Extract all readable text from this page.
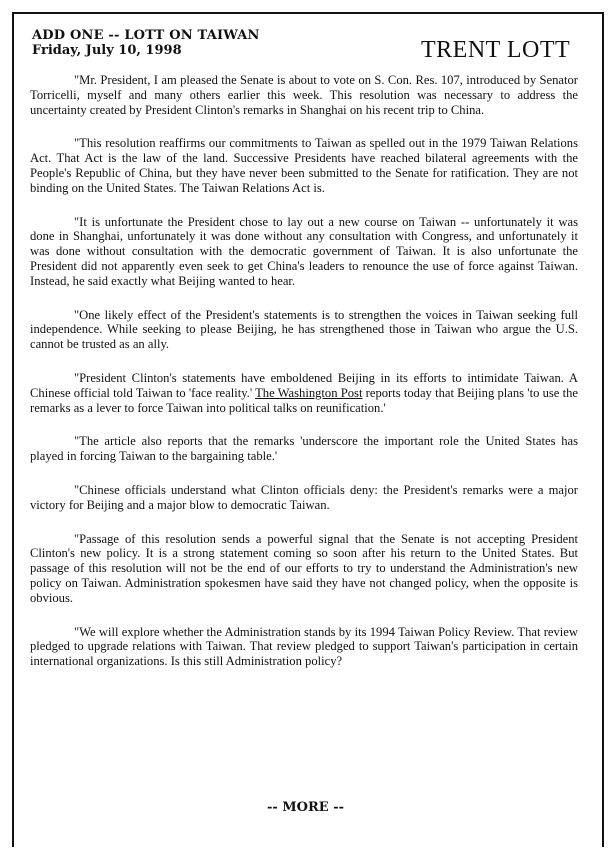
ADD ONE -- LOTT ON TAIWAN
Friday, July 10, 1998	TRENT LOTT

"Mr. President, I am pleased the Senate is about to vote on S. Con. Res. 107, introduced by Senator Torricelli, myself and many others earlier this week. This resolution was necessary to address the uncertainty created by President Clinton's remarks in Shanghai on his recent trip to China.

"This resolution reaffirms our commitments to Taiwan as spelled out in the 1979 Taiwan Relations Act. That Act is the law of the land. Successive Presidents have reached bilateral agreements with the People's Republic of China, but they have never been submitted to the Senate for ratification. They are not binding on the United States. The Taiwan Relations Act is.

"It is unfortunate the President chose to lay out a new course on Taiwan -- unfortunately it was done in Shanghai, unfortunately it was done without any consultation with Congress, and unfortunately it was done without consultation with the democratic government of Taiwan. It is also unfortunate the President did not apparently even seek to get China's leaders to renounce the use of force against Taiwan. Instead, he said exactly what Beijing wanted to hear.

"One likely effect of the President's statements is to strengthen the voices in Taiwan seeking full independence. While seeking to please Beijing, he has strengthened those in Taiwan who argue the U.S. cannot be trusted as an ally.

"President Clinton's statements have emboldened Beijing in its efforts to intimidate Taiwan. A Chinese official told Taiwan to 'face reality.' The Washington Post reports today that Beijing plans 'to use the remarks as a lever to force Taiwan into political talks on reunification.'

"The article also reports that the remarks 'underscore the important role the United States has played in forcing Taiwan to the bargaining table.'

"Chinese officials understand what Clinton officials deny: the President's remarks were a major victory for Beijing and a major blow to democratic Taiwan.

"Passage of this resolution sends a powerful signal that the Senate is not accepting President Clinton's new policy. It is a strong statement coming so soon after his return to the United States. But passage of this resolution will not be the end of our efforts to try to understand the Administration's new policy on Taiwan. Administration spokesmen have said they have not changed policy, when the opposite is obvious.

"We will explore whether the Administration stands by its 1994 Taiwan Policy Review. That review pledged to upgrade relations with Taiwan. That review pledged to support Taiwan's participation in certain international organizations. Is this still Administration policy?

-- MORE --
